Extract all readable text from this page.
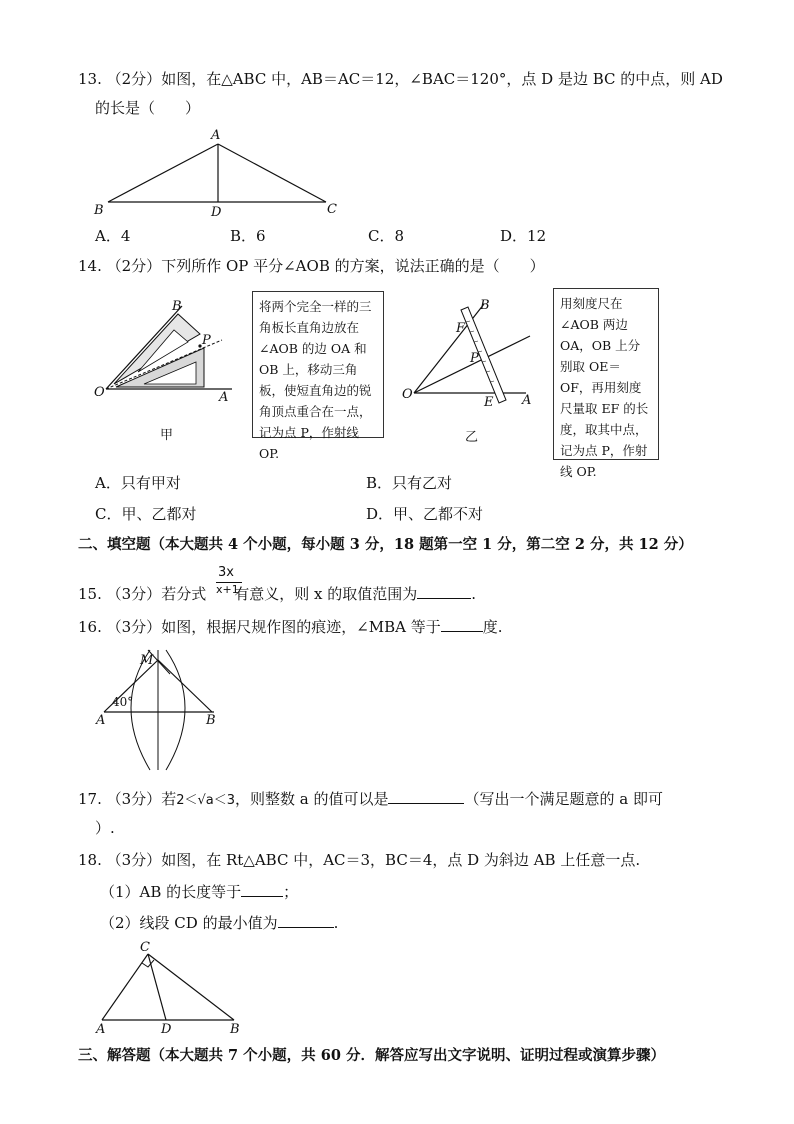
13. （2分）如图，在△ABC 中，AB＝AC＝12，∠BAC＝120°，点 D 是边 BC 的中点，则 AD
的长是（　　）
A
B	D	C
A．4	B．6	C．8	D．12
14. （2分）下列所作 OP 平分∠AOB 的方案，说法正确的是（　　）
O	A
B
P
甲
将两个完全一样的三角板长直角边放在∠AOB 的边 OA 和 OB 上，移动三角板，使短直角边的锐角顶点重合在一点，记为点 P，作射线 OP.
O	A
B
F
P
E
乙
用刻度尺在∠AOB 两边 OA，OB 上分别取 OE＝OF，再用刻度尺量取 EF 的长度，取其中点，记为点 P，作射线 OP.
A．只有甲对	B．只有乙对
C．甲、乙都对	D．甲、乙都不对
二、填空题（本大题共 4 个小题，每小题 3 分，18 题第一空 1 分，第二空 2 分，共 12 分）
3x
x+1
15. （3分）若分式 有意义，则 x 的取值范围为	.
16. （3分）如图，根据尺规作图的痕迹，∠MBA 等于	度.
40°
M
A	B
17. （3分）若2＜√a＜3，则整数 a 的值可以是	（写出一个满足题意的 a 即可
）.
18. （3分）如图，在 Rt△ABC 中，AC＝3，BC＝4，点 D 为斜边 AB 上任意一点.
（1）AB 的长度等于	；
（2）线段 CD 的最小值为	.
C
A	D	B
三、解答题（本大题共 7 个小题，共 60 分．解答应写出文字说明、证明过程或演算步骤）
